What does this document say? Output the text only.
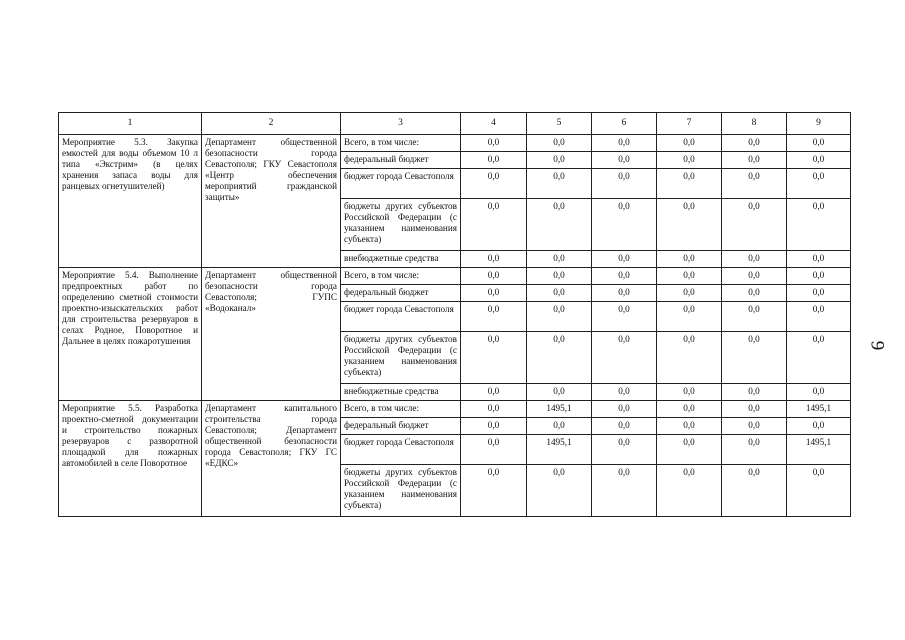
9
1	2	3	4	5	6	7	8	9
Мероприятие 5.3. Закупка емкостей для воды объемом 10 л типа «Экстрим» (в целях хранения запаса воды для ранцевых огнетушителей)	Департамент общественной безопасности города Севастополя; ГКУ Севастополя «Центр обеспечения мероприятий гражданской защиты»	Всего, в том числе:	0,0	0,0	0,0	0,0	0,0	0,0
		федеральный бюджет	0,0	0,0	0,0	0,0	0,0	0,0
		бюджет города Севастополя	0,0	0,0	0,0	0,0	0,0	0,0
		бюджеты других субъектов Российской Федерации (с указанием наименования субъекта)	0,0	0,0	0,0	0,0	0,0	0,0
		внебюджетные средства	0,0	0,0	0,0	0,0	0,0	0,0
Мероприятие 5.4. Выполнение предпроектных работ по определению сметной стоимости проектно-изыскательских работ для строительства резервуаров в селах Родное, Поворотное и Дальнее в целях пожаротушения	Департамент общественной безопасности города Севастополя; ГУПС «Водоканал»	Всего, в том числе:	0,0	0,0	0,0	0,0	0,0	0,0
		федеральный бюджет	0,0	0,0	0,0	0,0	0,0	0,0
		бюджет города Севастополя	0,0	0,0	0,0	0,0	0,0	0,0
		бюджеты других субъектов Российской Федерации (с указанием наименования субъекта)	0,0	0,0	0,0	0,0	0,0	0,0
		внебюджетные средства	0,0	0,0	0,0	0,0	0,0	0,0
Мероприятие 5.5. Разработка проектно-сметной документации и строительство пожарных резервуаров с разворотной площадкой для пожарных автомобилей в селе Поворотное	Департамент капитального строительства города Севастополя; Департамент общественной безопасности города Севастополя; ГКУ ГС «ЕДКС»	Всего, в том числе:	0,0	1495,1	0,0	0,0	0,0	1495,1
		федеральный бюджет	0,0	0,0	0,0	0,0	0,0	0,0
		бюджет города Севастополя	0,0	1495,1	0,0	0,0	0,0	1495,1
		бюджеты других субъектов Российской Федерации (с указанием наименования субъекта)	0,0	0,0	0,0	0,0	0,0	0,0
